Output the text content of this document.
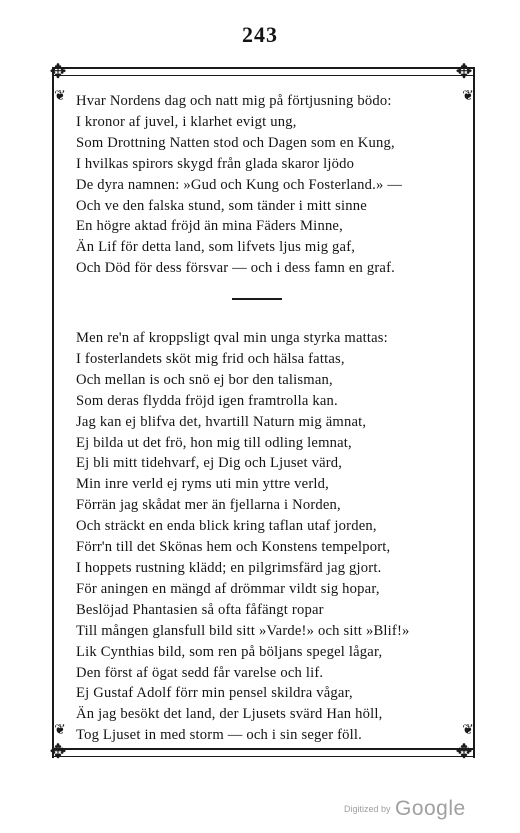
243
✥	✥
✥	✥
❦	❦
❦	❦
Hvar Nordens dag och natt mig på förtjusning bödo:
I kronor af juvel, i klarhet evigt ung,
Som Drottning Natten stod och Dagen som en Kung,
I hvilkas spirors skygd från glada skaror ljödo
De dyra namnen: »Gud och Kung och Fosterland.» —
Och ve den falska stund, som tänder i mitt sinne
En högre aktad fröjd än mina Fäders Minne,
Än Lif för detta land, som lifvets ljus mig gaf,
Och Död för dess försvar — och i dess famn en graf.
Men re'n af kroppsligt qval min unga styrka mattas:
I fosterlandets sköt mig frid och hälsa fattas,
Och mellan is och snö ej bor den talisman,
Som deras flydda fröjd igen framtrolla kan.
Jag kan ej blifva det, hvartill Naturn mig ämnat,
Ej bilda ut det frö, hon mig till odling lemnat,
Ej bli mitt tidehvarf, ej Dig och Ljuset värd,
Min inre verld ej ryms uti min yttre verld,
Förrän jag skådat mer än fjellarna i Norden,
Och sträckt en enda blick kring taflan utaf jorden,
Förr'n till det Skönas hem och Konstens tempelport,
I hoppets rustning klädd; en pilgrimsfärd jag gjort.
För aningen en mängd af drömmar vildt sig hopar,
Beslöjad Phantasien så ofta fåfängt ropar
Till mången glansfull bild sitt »Varde!» och sitt »Blif!»
Lik Cynthias bild, som ren på böljans spegel lågar,
Den först af ögat sedd får varelse och lif.
Ej Gustaf Adolf förr min pensel skildra vågar,
Än jag besökt det land, der Ljusets svärd Han höll,
Tog Ljuset in med storm — och i sin seger föll.
Digitized by Google
